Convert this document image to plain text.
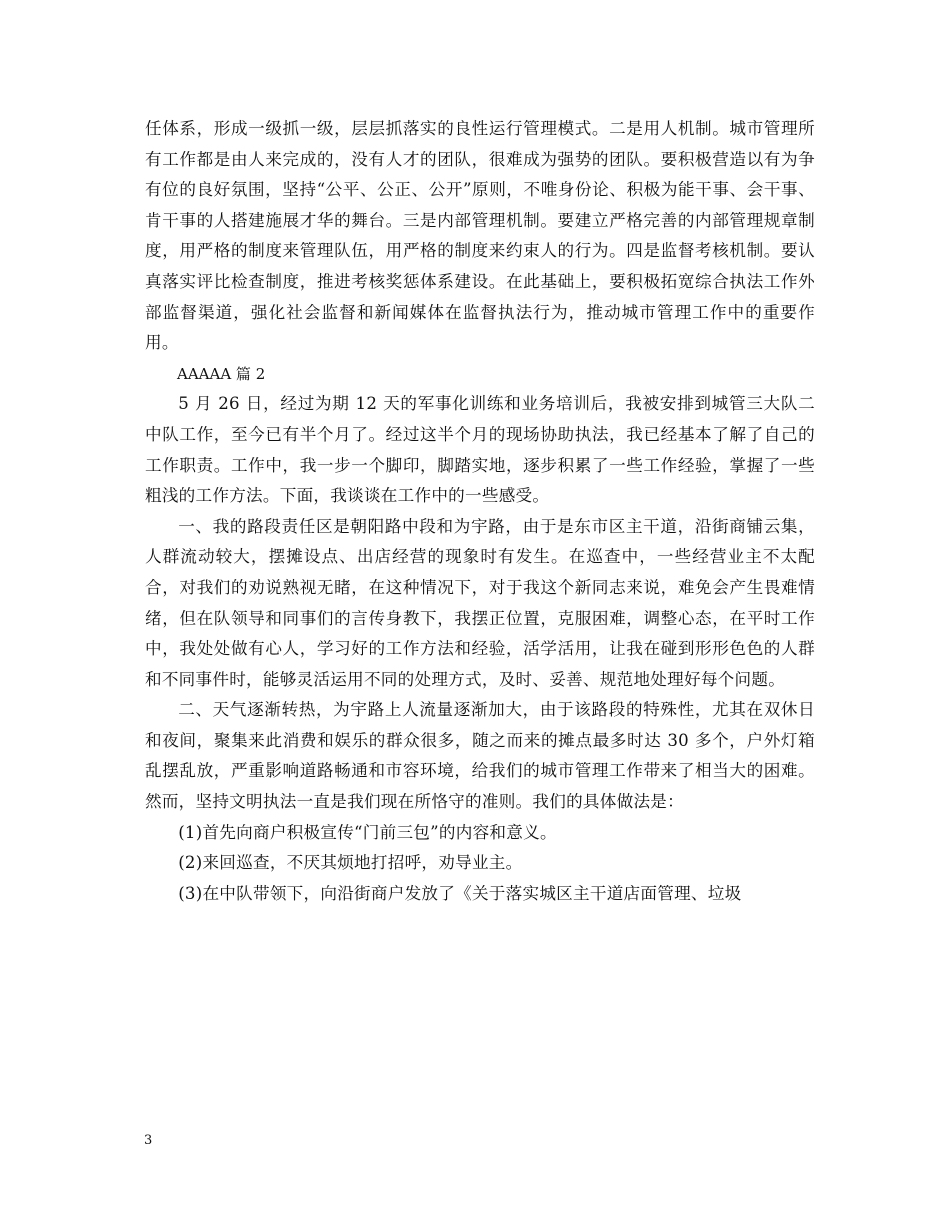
任体系，形成一级抓一级，层层抓落实的良性运行管理模式。二是用人机制。城市管理所有工作都是由人来完成的，没有人才的团队，很难成为强势的团队。要积极营造以有为争有位的良好氛围，坚持“公平、公正、公开”原则，不唯身份论、积极为能干事、会干事、肯干事的人搭建施展才华的舞台。三是内部管理机制。要建立严格完善的内部管理规章制度，用严格的制度来管理队伍，用严格的制度来约束人的行为。四是监督考核机制。要认真落实评比检查制度，推进考核奖惩体系建设。在此基础上，要积极拓宽综合执法工作外部监督渠道，强化社会监督和新闻媒体在监督执法行为，推动城市管理工作中的重要作用。

AAAAA 篇 2

5 月 26 日，经过为期 12 天的军事化训练和业务培训后，我被安排到城管三大队二中队工作，至今已有半个月了。经过这半个月的现场协助执法，我已经基本了解了自己的工作职责。工作中，我一步一个脚印，脚踏实地，逐步积累了一些工作经验，掌握了一些粗浅的工作方法。下面，我谈谈在工作中的一些感受。

一、我的路段责任区是朝阳路中段和为宇路，由于是东市区主干道，沿街商铺云集，人群流动较大，摆摊设点、出店经营的现象时有发生。在巡查中，一些经营业主不太配合，对我们的劝说熟视无睹，在这种情况下，对于我这个新同志来说，难免会产生畏难情绪，但在队领导和同事们的言传身教下，我摆正位置，克服困难，调整心态，在平时工作中，我处处做有心人，学习好的工作方法和经验，活学活用，让我在碰到形形色色的人群和不同事件时，能够灵活运用不同的处理方式，及时、妥善、规范地处理好每个问题。

二、天气逐渐转热，为宇路上人流量逐渐加大，由于该路段的特殊性，尤其在双休日和夜间，聚集来此消费和娱乐的群众很多，随之而来的摊点最多时达 30 多个，户外灯箱乱摆乱放，严重影响道路畅通和市容环境，给我们的城市管理工作带来了相当大的困难。然而，坚持文明执法一直是我们现在所恪守的准则。我们的具体做法是：

(1)首先向商户积极宣传“门前三包”的内容和意义。

(2)来回巡查，不厌其烦地打招呼，劝导业主。

(3)在中队带领下，向沿街商户发放了《关于落实城区主干道店面管理、垃圾

3
